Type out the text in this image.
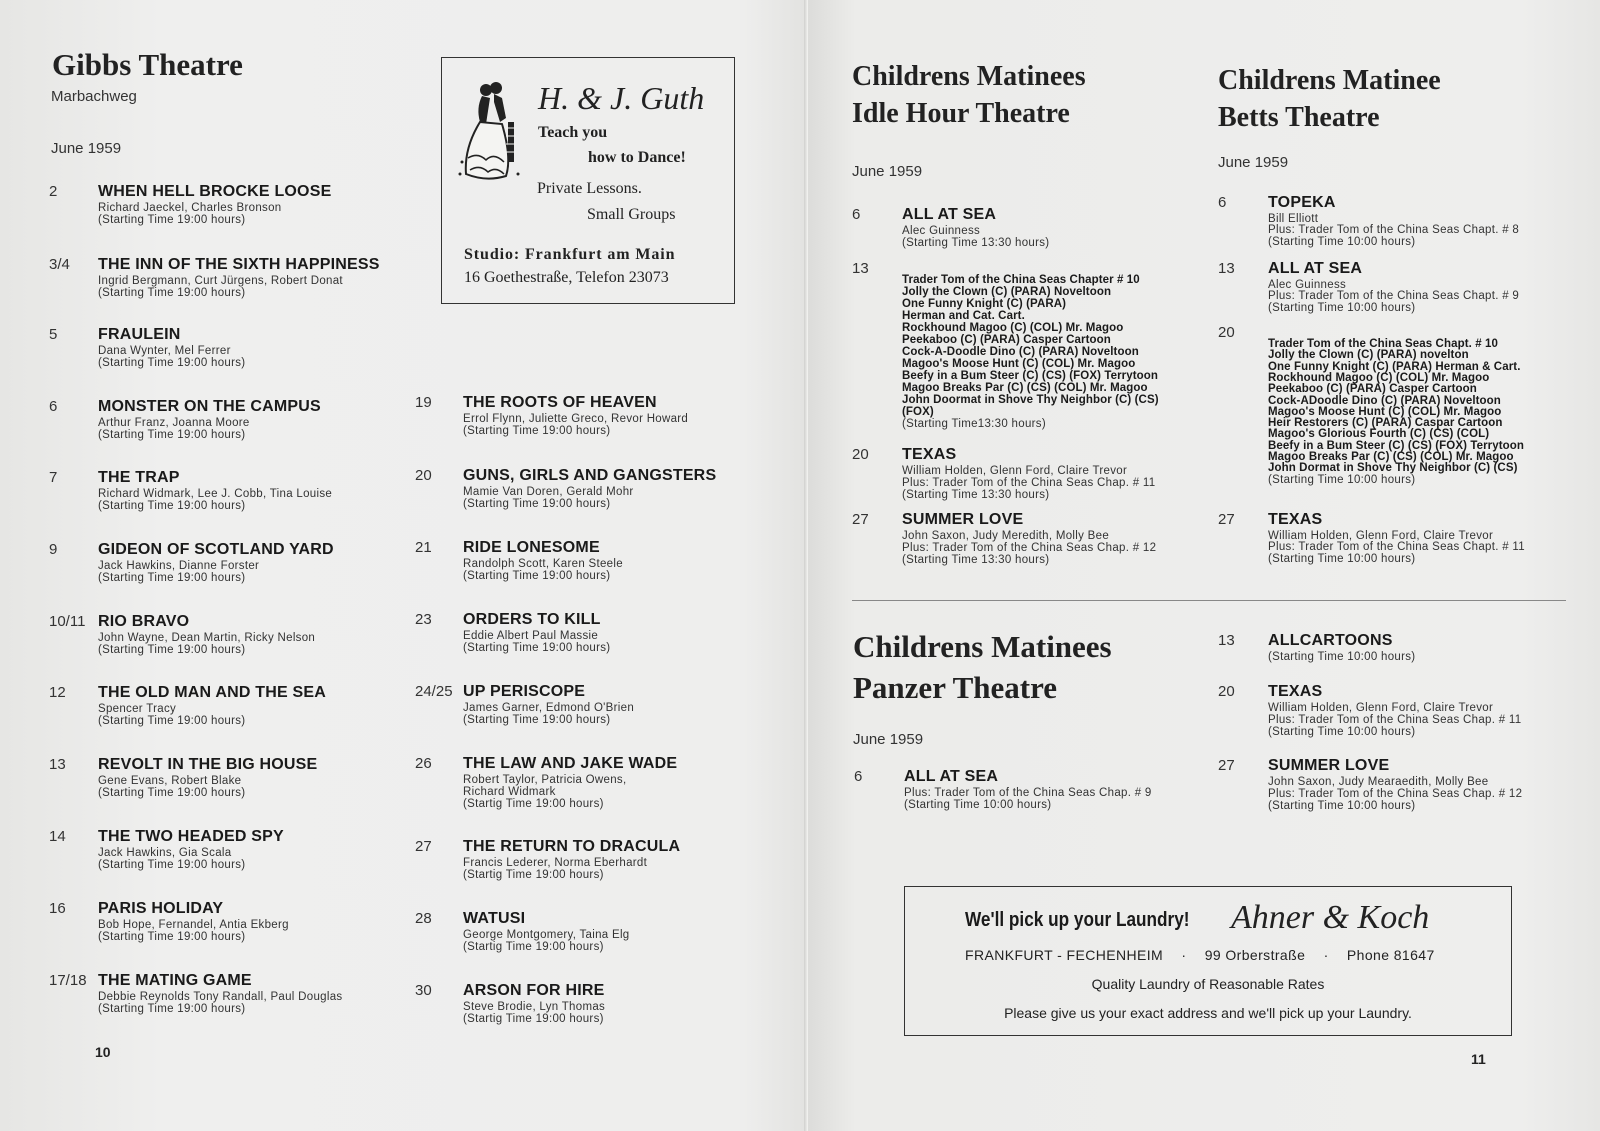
Gibbs Theatre
Marbachweg
June 1959
2	WHEN HELL BROCKE LOOSE
Richard Jaeckel, Charles Bronson
(Starting Time 19:00 hours)
3/4 THE INN OF THE SIXTH HAPPINESS
Ingrid Bergmann, Curt Jürgens, Robert Donat
(Starting Time 19:00 hours)
5	FRAULEIN
Dana Wynter, Mel Ferrer
(Starting Time 19:00 hours)
6	MONSTER ON THE CAMPUS
Arthur Franz, Joanna Moore
(Starting Time 19:00 hours)
7	THE TRAP
Richard Widmark, Lee J. Cobb, Tina Louise
(Starting Time 19:00 hours)
9	GIDEON OF SCOTLAND YARD
Jack Hawkins, Dianne Forster
(Starting Time 19:00 hours)
10/11 RIO BRAVO
John Wayne, Dean Martin, Ricky Nelson
(Starting Time 19:00 hours)
12 THE OLD MAN AND THE SEA
Spencer Tracy
(Starting Time 19:00 hours)
13 REVOLT IN THE BIG HOUSE
Gene Evans, Robert Blake
(Starting Time 19:00 hours)
14 THE TWO HEADED SPY
Jack Hawkins, Gia Scala
(Starting Time 19:00 hours)
16 PARIS HOLIDAY
Bob Hope, Fernandel, Antia Ekberg
(Starting Time 19:00 hours)
17/18 THE MATING GAME
Debbie Reynolds Tony Randall, Paul Douglas
(Starting Time 19:00 hours)
19 THE ROOTS OF HEAVEN
Errol Flynn, Juliette Greco, Revor Howard
(Starting Time 19:00 hours)
20 GUNS, GIRLS AND GANGSTERS
Mamie Van Doren, Gerald Mohr
(Starting Time 19:00 hours)
21 RIDE LONESOME
Randolph Scott, Karen Steele
(Starting Time 19:00 hours)
23 ORDERS TO KILL
Eddie Albert Paul Massie
(Starting Time 19:00 hours)
24/25 UP PERISCOPE
James Garner, Edmond O'Brien
(Starting Time 19:00 hours)
26 THE LAW AND JAKE WADE
Robert Taylor, Patricia Owens,
Richard Widmark
(Startig Time 19:00 hours)
27 THE RETURN TO DRACULA
Francis Lederer, Norma Eberhardt
(Startig Time 19:00 hours)
28 WATUSI
George Montgomery, Taina Elg
(Startig Time 19:00 hours)
30 ARSON FOR HIRE
Steve Brodie, Lyn Thomas
(Startig Time 19:00 hours)
H. & J. Guth
Teach you
how to Dance!
Private Lessons.
Small Groups
Studio: Frankfurt am Main
16 Goethestraße, Telefon 23073
10
Childrens Matinees
Idle Hour Theatre
June 1959
6	ALL AT SEA
Alec Guinness
(Starting Time 13:30 hours)
13
Trader Tom of the China Seas Chapter # 10
Jolly the Clown (C) (PARA) Noveltoon
One Funny Knight (C) (PARA)
Herman and Cat. Cart.
Rockhound Magoo (C) (COL) Mr. Magoo
Peekaboo (C) (PARA) Casper Cartoon
Cock-A-Doodle Dino (C) (PARA) Noveltoon
Magoo's Moose Hunt (C) (COL) Mr. Magoo
Beefy in a Bum Steer (C) (CS) (FOX) Terrytoon
Magoo Breaks Par (C) (CS) (COL) Mr. Magoo
John Doormat in Shove Thy Neighbor (C) (CS)
(FOX)
(Starting Time13:30 hours)
20 TEXAS
William Holden, Glenn Ford, Claire Trevor
Plus: Trader Tom of the China Seas Chap. # 11
(Starting Time 13:30 hours)
27 SUMMER LOVE
John Saxon, Judy Meredith, Molly Bee
Plus: Trader Tom of the China Seas Chap. # 12
(Starting Time 13:30 hours)
Childrens Matinee
Betts Theatre
June 1959
6	TOPEKA
Bill Elliott
Plus: Trader Tom of the China Seas Chapt. # 8
(Starting Time 10:00 hours)
13 ALL AT SEA
Alec Guinness
Plus: Trader Tom of the China Seas Chapt. # 9
(Starting Time 10:00 hours)
20
Trader Tom of the China Seas Chapt. # 10
Jolly the Clown (C) (PARA) novelton
One Funny Knight (C) (PARA) Herman & Cart.
Rockhound Magoo (C) (COL) Mr. Magoo
Peekaboo (C) (PARA) Casper Cartoon
Cock-ADoodle Dino (C) (PARA) Noveltoon
Magoo's Moose Hunt (C) (COL) Mr. Magoo
Heir Restorers (C) (PARA) Caspar Cartoon
Magoo's Glorious Fourth (C) (CS) (COL)
Beefy in a Bum Steer (C) (CS) (FOX) Terrytoon
Magoo Breaks Par (C) (CS) (COL) Mr. Magoo
John Dormat in Shove Thy Neighbor (C) (CS)
(Starting Time 10:00 hours)
27 TEXAS
William Holden, Glenn Ford, Claire Trevor
Plus: Trader Tom of the China Seas Chapt. # 11
(Starting Time 10:00 hours)
Childrens Matinees
Panzer Theatre
June 1959
6	ALL AT SEA
Plus: Trader Tom of the China Seas Chap. # 9
(Starting Time 10:00 hours)
13 ALLCARTOONS
(Starting Time 10:00 hours)
20 TEXAS
William Holden, Glenn Ford, Claire Trevor
Plus: Trader Tom of the China Seas Chap. # 11
(Starting Time 10:00 hours)
27 SUMMER LOVE
John Saxon, Judy Mearaedith, Molly Bee
Plus: Trader Tom of the China Seas Chap. # 12
(Starting Time 10:00 hours)
We'll pick up your Laundry! Ahner & Koch
FRANKFURT - FECHENHEIM · 99 Orberstraße · Phone 81647
Quality Laundry of Reasonable Rates
Please give us your exact address and we'll pick up your Laundry.
11
